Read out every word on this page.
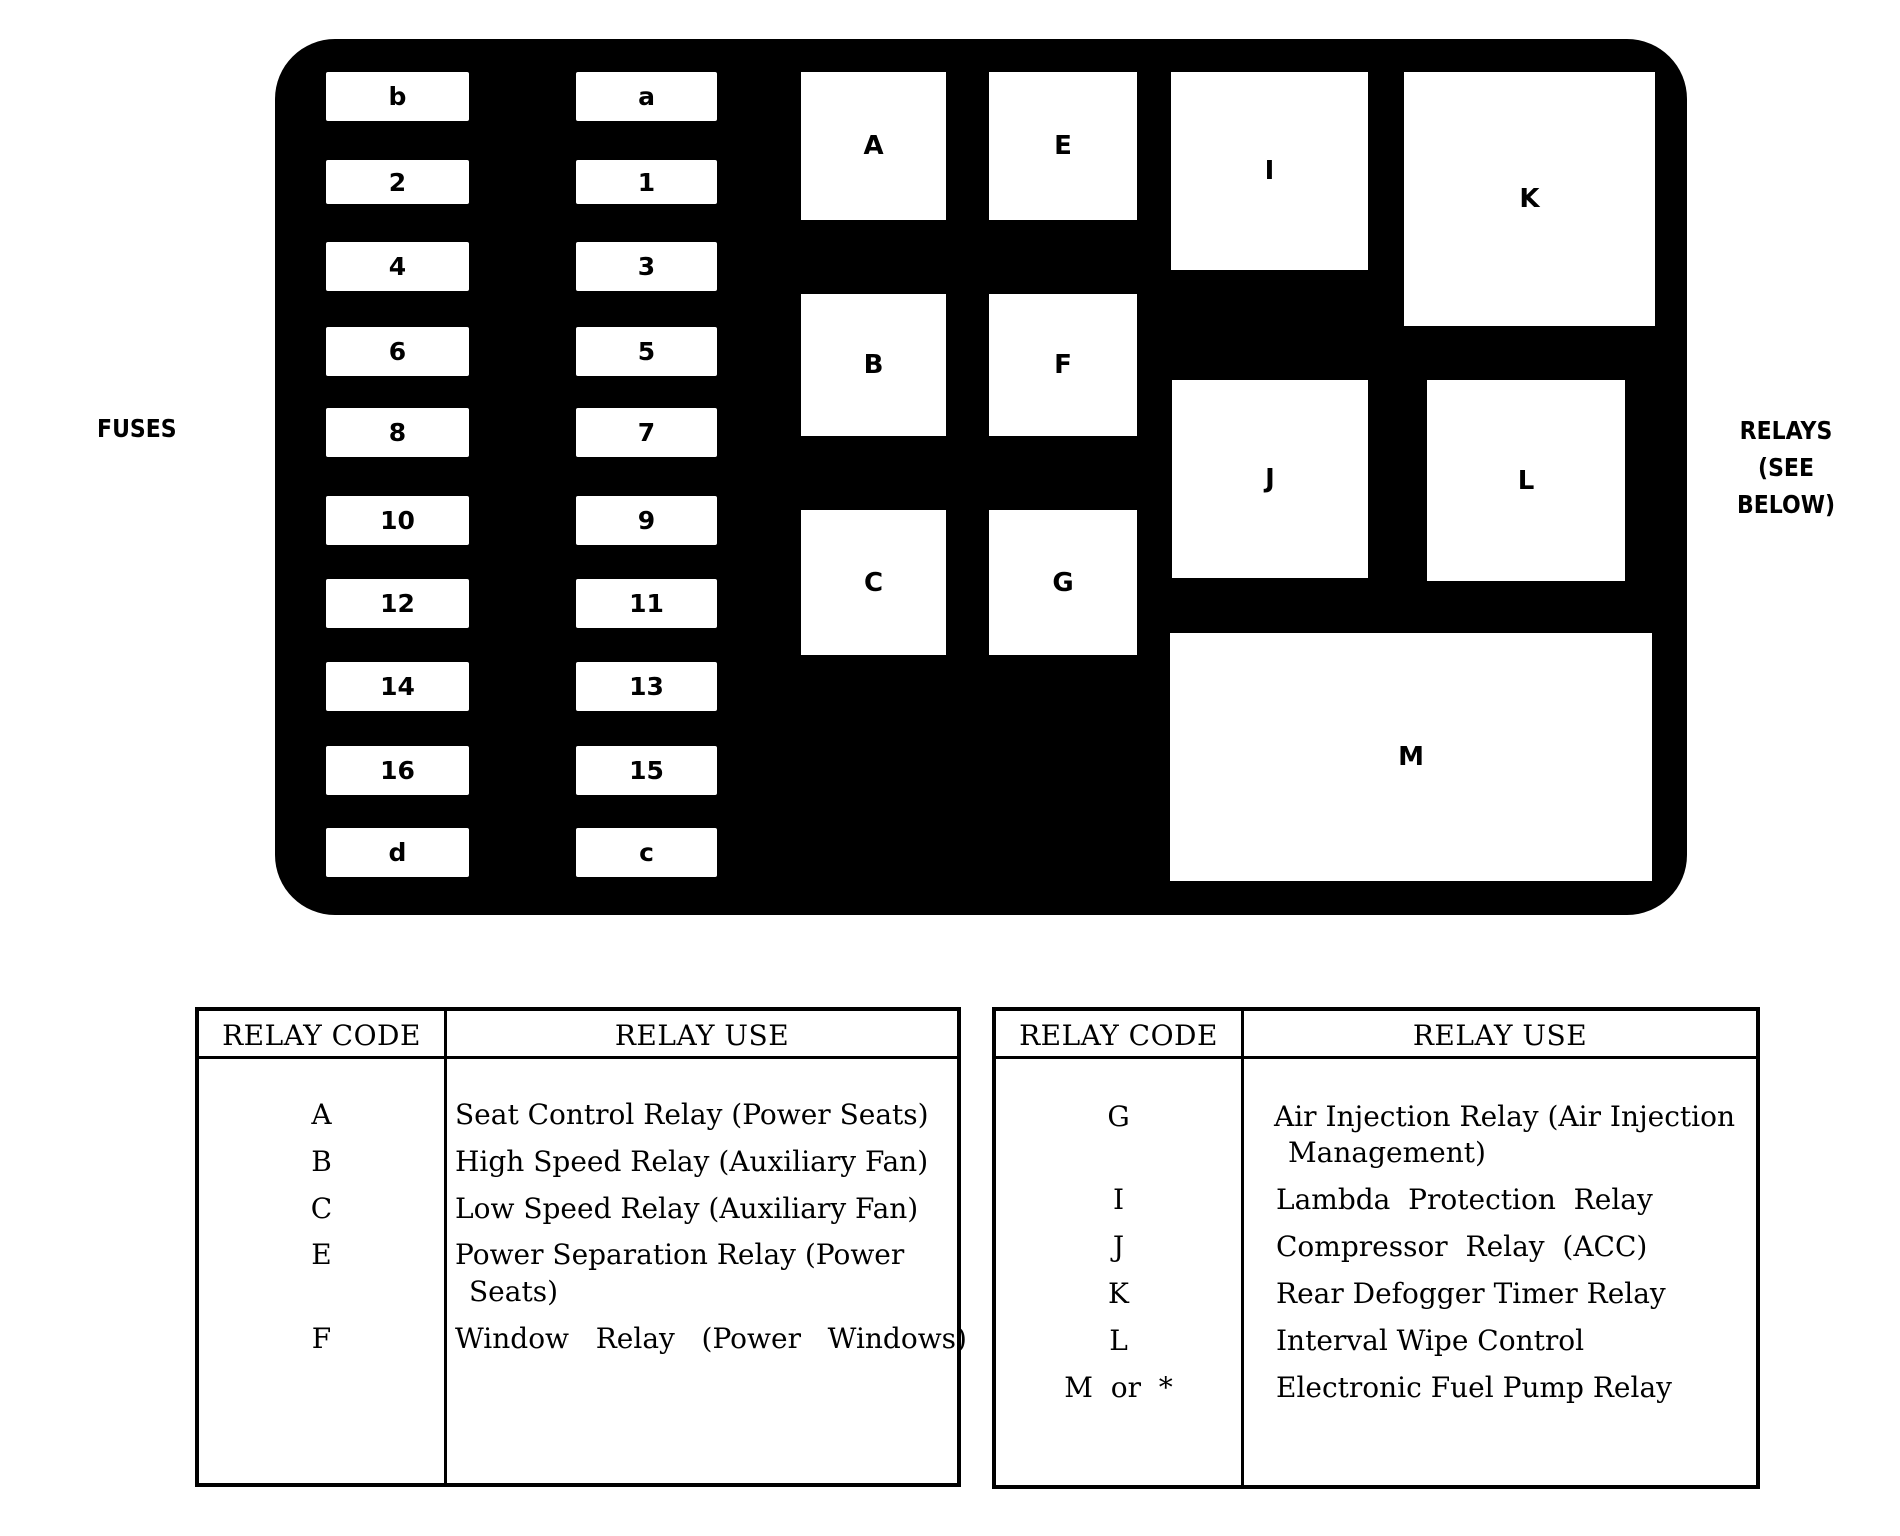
FUSES	RELAYS
(SEE BELOW)
b
2
4
6
8
10
12
14
16
d
a
1
3
5
7
9
11
13
15
c
A
B
C
E
F
G
I
J
K
L
M
RELAY CODE	RELAY USE
A	Seat Control Relay (Power Seats)
B	High Speed Relay (Auxiliary Fan)
C	Low Speed Relay (Auxiliary Fan)
E	Power Separation Relay (Power
Seats)
F	Window   Relay   (Power   Windows)
RELAY CODE	RELAY USE
G	Air Injection Relay (Air Injection
Management)
I	Lambda  Protection  Relay
J	Compressor  Relay  (ACC)
K	Rear Defogger Timer Relay
L	Interval Wipe Control
M  or  *	Electronic Fuel Pump Relay
